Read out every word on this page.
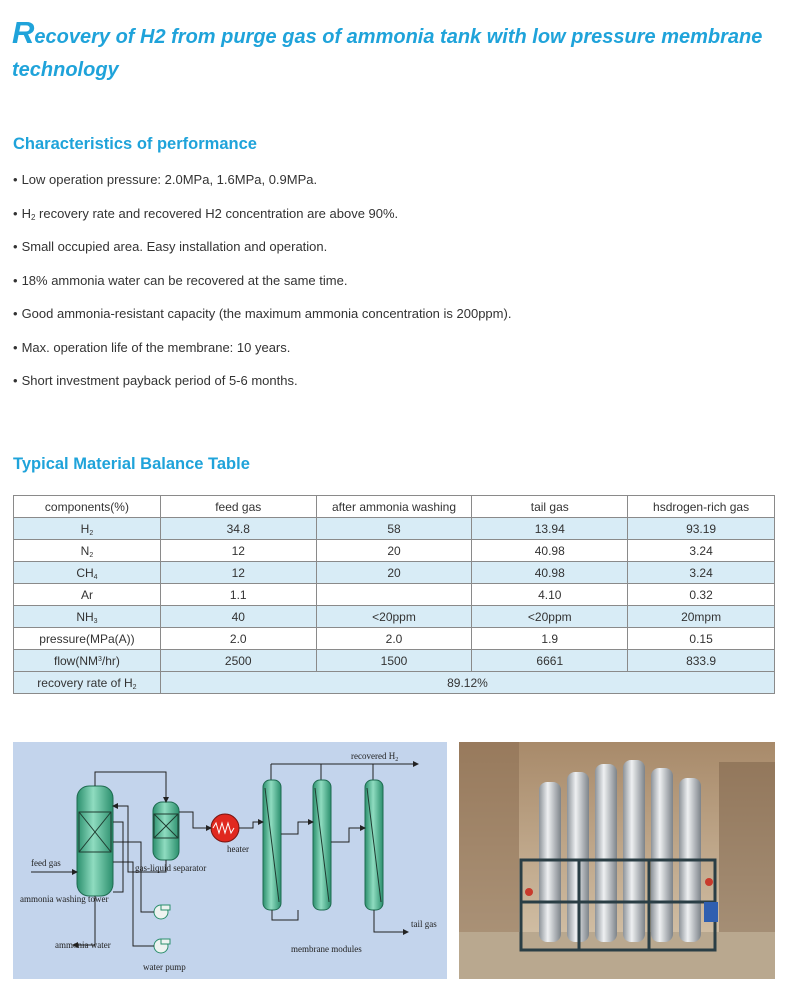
Recovery of H2 from purge gas of ammonia tank with low pressure membrane technology
Characteristics of performance
• Low operation pressure: 2.0MPa, 1.6MPa, 0.9MPa.
• $H_2$ recovery rate and recovered H2 concentration are above 90%.
• Small occupied area. Easy installation and operation.
• 18% ammonia water can be recovered at the same time.
• Good ammonia-resistant capacity (the maximum ammonia concentration is 200ppm).
• Max. operation life of the membrane: 10 years.
• Short investment payback period of 5-6 months.
Typical Material Balance Table
components(%)	feed gas	after ammonia washing	tail gas	hsdrogen-rich gas
$H_2$	34.8	58	13.94	93.19
$N_2$	12	20	40.98	3.24
$CH_4$	12	20	40.98	3.24
Ar	1.1		4.10	0.32
$NH_3$	40	<20ppm	<20ppm	20mpm
pressure(MPa(A))	2.0	2.0	1.9	0.15
$flow(NM^3/hr)$	2500	1500	6661	833.9
recovery rate of $H_2$	89.12%			
recovered $H_2$
heater
feed gas	gas-liquid separator
ammonia washing tower
ammonia water
water pump
membrane modules
tail gas
